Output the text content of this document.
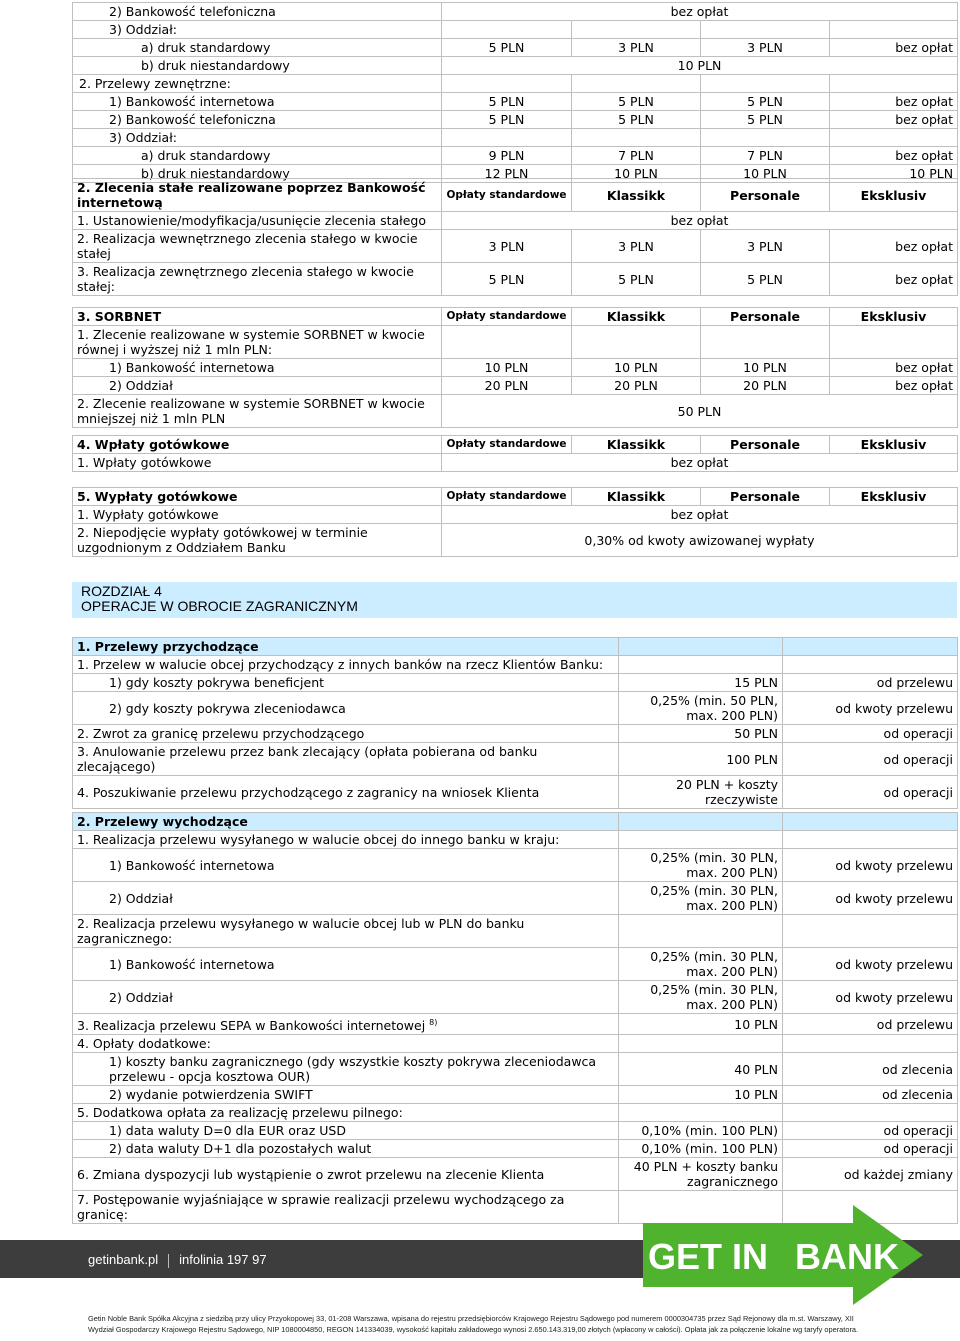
2) Bankowość telefoniczna	bez opłat			
3) Oddział:				
a) druk standardowy	5 PLN	3 PLN	3 PLN	bez opłat
b) druk niestandardowy	10 PLN			
2. Przelewy zewnętrzne:				
1) Bankowość internetowa	5 PLN	5 PLN	5 PLN	bez opłat
2) Bankowość telefoniczna	5 PLN	5 PLN	5 PLN	bez opłat
3) Oddział:				
a) druk standardowy	9 PLN	7 PLN	7 PLN	bez opłat
b) druk niestandardowy	12 PLN	10 PLN	10 PLN	10 PLN
2. Zlecenia stałe realizowane poprzez Bankowość internetową	Opłaty standardowe	Klassikk	Personale	Eksklusiv
1. Ustanowienie/modyfikacja/usunięcie zlecenia stałego	bez opłat			
2. Realizacja wewnętrznego zlecenia stałego w kwocie stałej	3 PLN	3 PLN	3 PLN	bez opłat
3. Realizacja zewnętrznego zlecenia stałego w kwocie stałej:	5 PLN	5 PLN	5 PLN	bez opłat
3. SORBNET	Opłaty standardowe	Klassikk	Personale	Eksklusiv
1. Zlecenie realizowane w systemie SORBNET w kwocie równej i wyższej niż 1 mln PLN:				
1) Bankowość internetowa	10 PLN	10 PLN	10 PLN	bez opłat
2) Oddział	20 PLN	20 PLN	20 PLN	bez opłat
2. Zlecenie realizowane w systemie SORBNET w kwocie mniejszej niż 1 mln PLN	50 PLN			
4. Wpłaty gotówkowe	Opłaty standardowe	Klassikk	Personale	Eksklusiv
1. Wpłaty gotówkowe	bez opłat			
5. Wypłaty gotówkowe	Opłaty standardowe	Klassikk	Personale	Eksklusiv
1. Wypłaty gotówkowe	bez opłat			
2. Niepodjęcie wypłaty gotówkowej w terminie uzgodnionym z Oddziałem Banku	0,30% od kwoty awizowanej wypłaty			
ROZDZIAŁ 4
OPERACJE W OBROCIE ZAGRANICZNYM
1. Przelewy przychodzące		
1. Przelew w walucie obcej przychodzący z innych banków na rzecz Klientów Banku:		
1) gdy koszty pokrywa beneficjent	15 PLN	od przelewu
2) gdy koszty pokrywa zleceniodawca	0,25% (min. 50 PLN, max. 200 PLN)	od kwoty przelewu
2. Zwrot za granicę przelewu przychodzącego	50 PLN	od operacji
3. Anulowanie przelewu przez bank zlecający (opłata pobierana od banku zlecającego)	100 PLN	od operacji
4. Poszukiwanie przelewu przychodzącego z zagranicy na wniosek Klienta	20 PLN + koszty rzeczywiste	od operacji
2. Przelewy wychodzące		
1. Realizacja przelewu wysyłanego w walucie obcej do innego banku w kraju:		
1) Bankowość internetowa	0,25% (min. 30 PLN, max. 200 PLN)	od kwoty przelewu
2) Oddział	0,25% (min. 30 PLN, max. 200 PLN)	od kwoty przelewu
2. Realizacja przelewu wysyłanego w walucie obcej lub w PLN do banku zagranicznego:		
1) Bankowość internetowa	0,25% (min. 30 PLN, max. 200 PLN)	od kwoty przelewu
2) Oddział	0,25% (min. 30 PLN, max. 200 PLN)	od kwoty przelewu
3. Realizacja przelewu SEPA w Bankowości internetowej $^{8)}$	10 PLN	od przelewu
4. Opłaty dodatkowe:		
1) koszty banku zagranicznego (gdy wszystkie koszty pokrywa zleceniodawca przelewu - opcja kosztowa OUR)	40 PLN	od zlecenia
2) wydanie potwierdzenia SWIFT	10 PLN	od zlecenia
5. Dodatkowa opłata za realizację przelewu pilnego:		
1) data waluty D=0 dla EUR oraz USD	0,10% (min. 100 PLN)	od operacji
2) data waluty D+1 dla pozostałych walut	0,10% (min. 100 PLN)	od operacji
6. Zmiana dyspozycji lub wystąpienie o zwrot przelewu na zlecenie Klienta	40 PLN + koszty banku zagranicznego	od każdej zmiany
7. Postępowanie wyjaśniające w sprawie realizacji przelewu wychodzącego za granicę:		
getinbank.pl infolinia 197 97	GET IN BANK
Getin Noble Bank Spółka Akcyjna z siedzibą przy ulicy Przyokopowej 33, 01-208 Warszawa, wpisana do rejestru przedsiębiorców Krajowego Rejestru Sądowego pod numerem 0000304735 przez Sąd Rejonowy dla m.st. Warszawy, XII
Wydział Gospodarczy Krajowego Rejestru Sądowego, NIP 1080004850, REGON 141334039, wysokość kapitału zakładowego wynosi 2.650.143.319,00 złotych (wpłacony w całości). Opłata jak za połączenie lokalne wg taryfy operatora.
